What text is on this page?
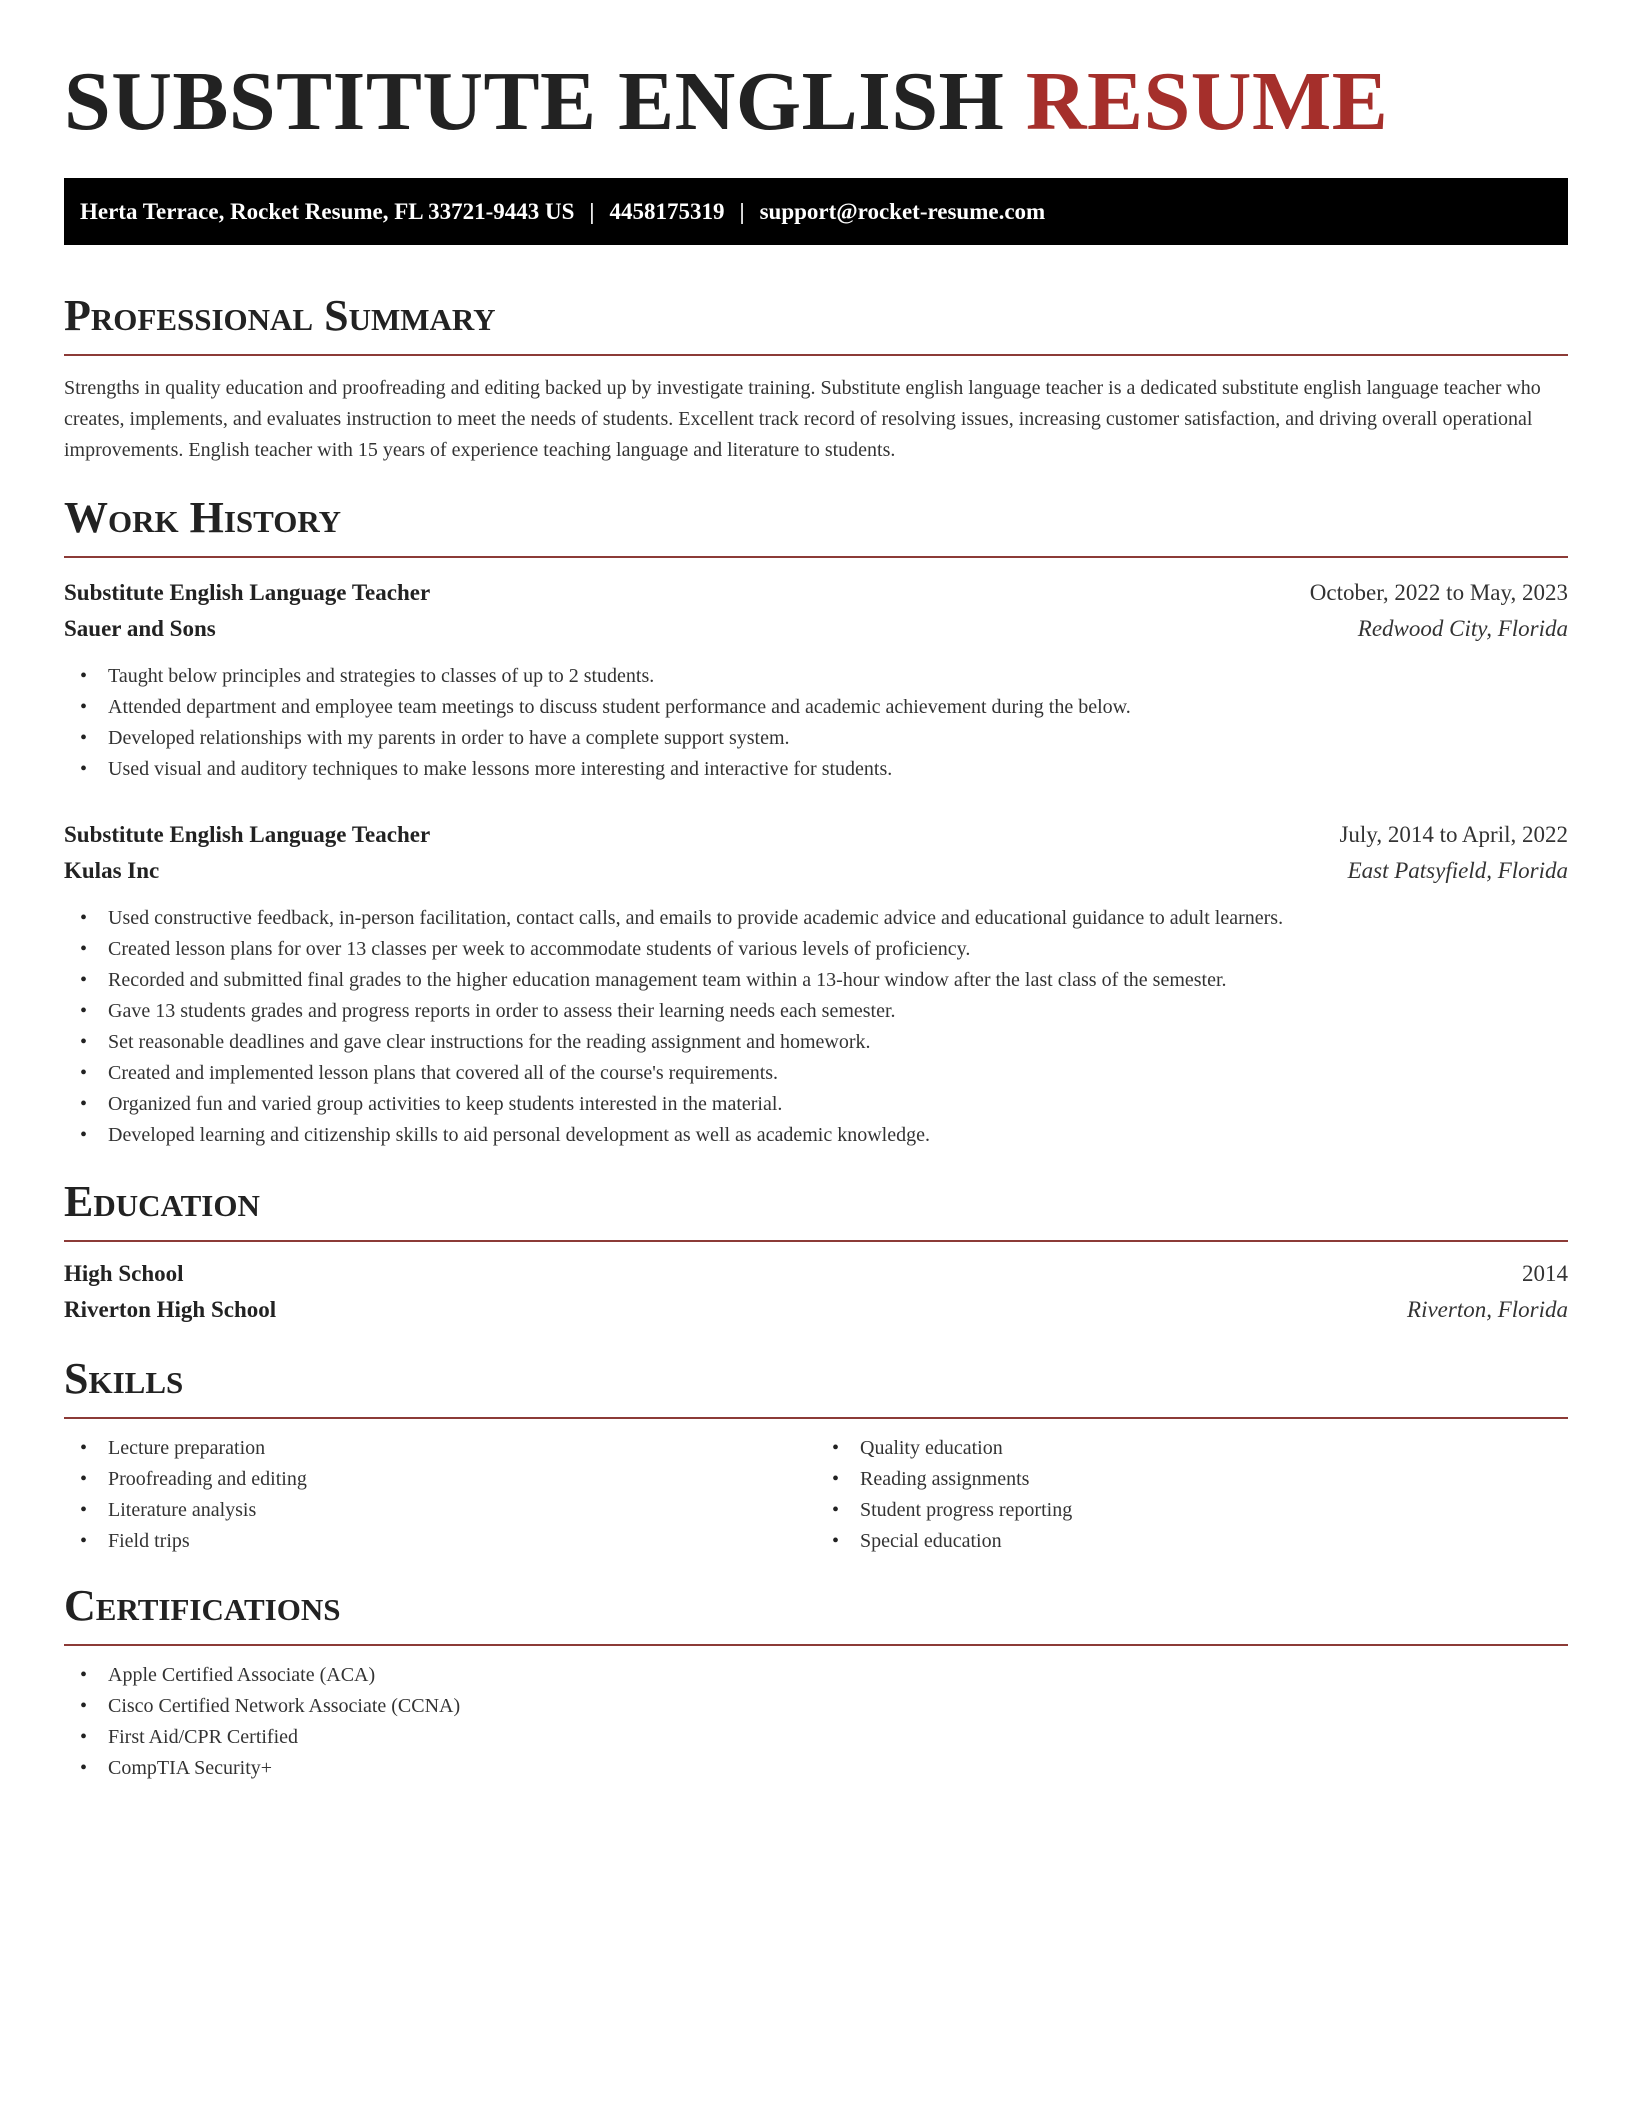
SUBSTITUTE ENGLISH RESUME
Herta Terrace, Rocket Resume, FL 33721-9443 US | 4458175319 | support@rocket-resume.com
Professional Summary

Strengths in quality education and proofreading and editing backed up by investigate training. Substitute english language teacher is a dedicated substitute english language teacher who creates, implements, and evaluates instruction to meet the needs of students. Excellent track record of resolving issues, increasing customer satisfaction, and driving overall operational improvements. English teacher with 15 years of experience teaching language and literature to students.

Work History
Substitute English Language Teacher	October, 2022 to May, 2023
Sauer and Sons	Redwood City, Florida
• Taught below principles and strategies to classes of up to 2 students.
• Attended department and employee team meetings to discuss student performance and academic achievement during the below.
• Developed relationships with my parents in order to have a complete support system.
• Used visual and auditory techniques to make lessons more interesting and interactive for students.
Substitute English Language Teacher	July, 2014 to April, 2022
Kulas Inc	East Patsyfield, Florida
• Used constructive feedback, in-person facilitation, contact calls, and emails to provide academic advice and educational guidance to adult learners.
• Created lesson plans for over 13 classes per week to accommodate students of various levels of proficiency.
• Recorded and submitted final grades to the higher education management team within a 13-hour window after the last class of the semester.
• Gave 13 students grades and progress reports in order to assess their learning needs each semester.
• Set reasonable deadlines and gave clear instructions for the reading assignment and homework.
• Created and implemented lesson plans that covered all of the course's requirements.
• Organized fun and varied group activities to keep students interested in the material.
• Developed learning and citizenship skills to aid personal development as well as academic knowledge.
Education
High School	2014
Riverton High School	Riverton, Florida
Skills
• Lecture preparation
• Proofreading and editing
• Literature analysis
• Field trips
• Quality education
• Reading assignments
• Student progress reporting
• Special education
Certifications
• Apple Certified Associate (ACA)
• Cisco Certified Network Associate (CCNA)
• First Aid/CPR Certified
• CompTIA Security+
